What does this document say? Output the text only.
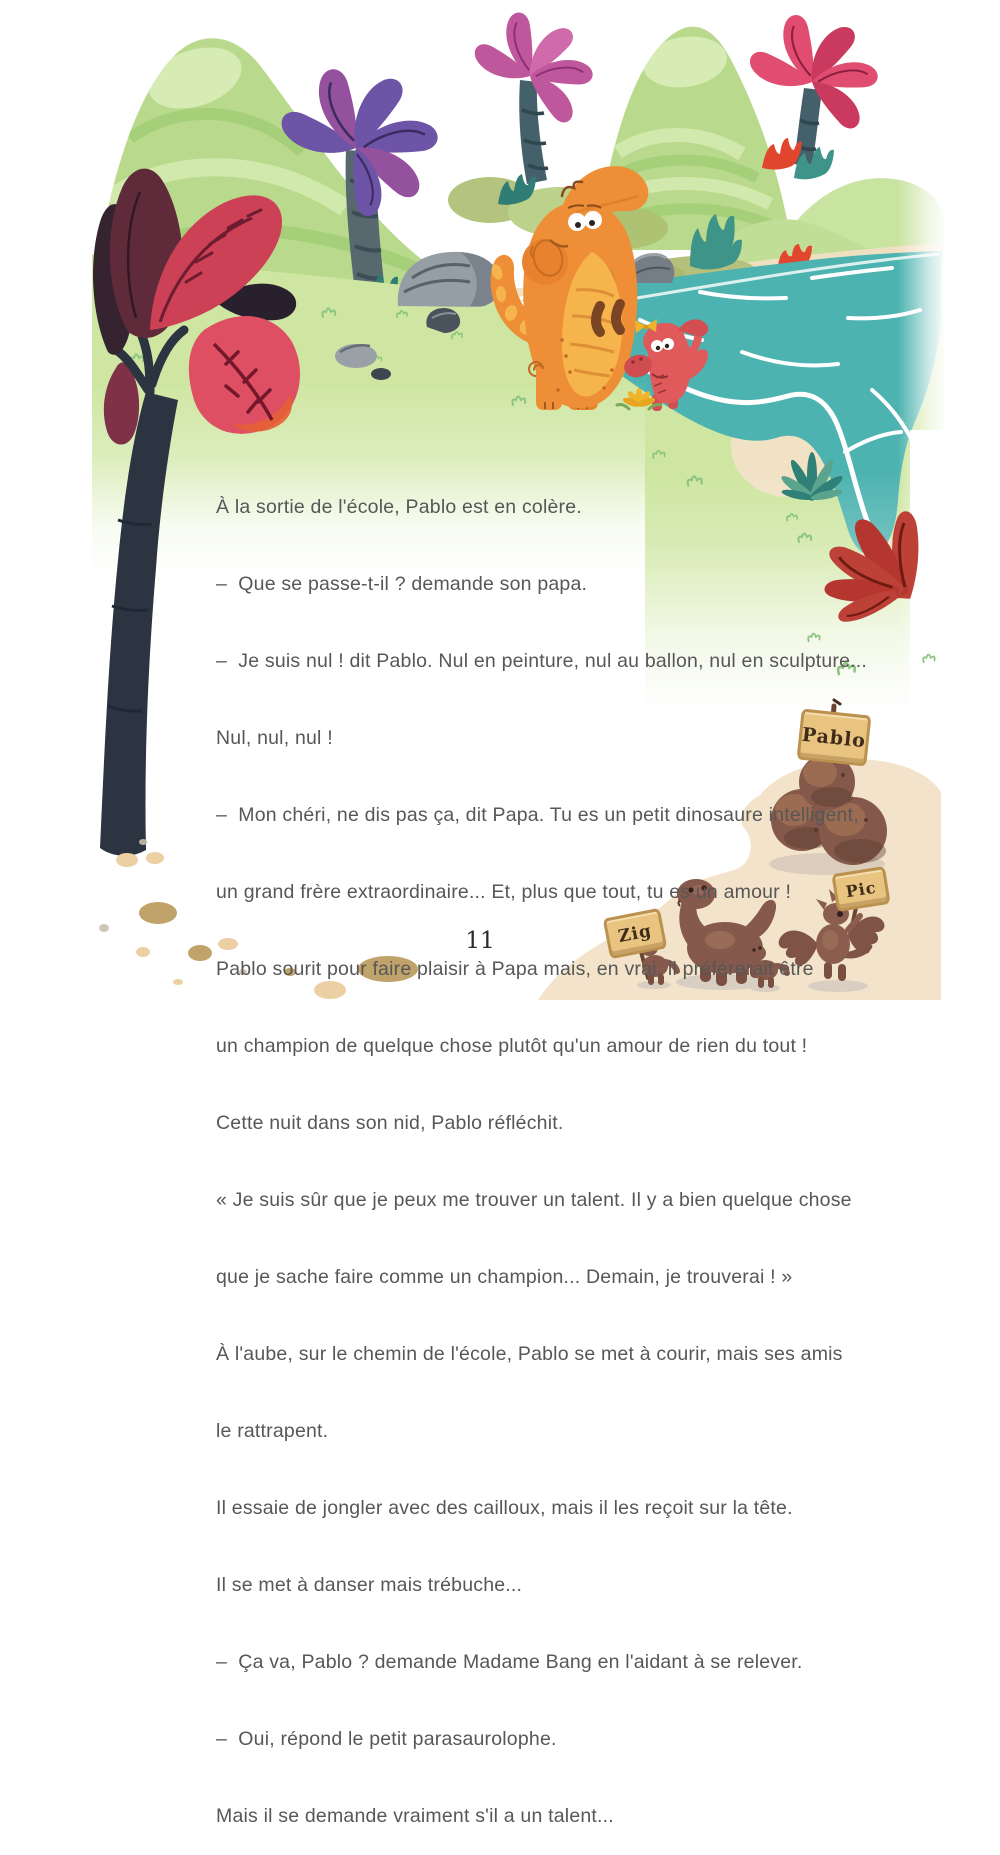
Pablo
Zig
Pic

À la sortie de l'école, Pablo est en colère.

–  Que se passe-t-il ? demande son papa.

–  Je suis nul ! dit Pablo. Nul en peinture, nul au ballon, nul en sculpture...

Nul, nul, nul !

–  Mon chéri, ne dis pas ça, dit Papa. Tu es un petit dinosaure intelligent,

un grand frère extraordinaire... Et, plus que tout, tu es un amour !

Pablo sourit pour faire plaisir à Papa mais, en vrai, il préférerait être

un champion de quelque chose plutôt qu'un amour de rien du tout !

Cette nuit dans son nid, Pablo réfléchit.

« Je suis sûr que je peux me trouver un talent. Il y a bien quelque chose

que je sache faire comme un champion... Demain, je trouverai ! »

À l'aube, sur le chemin de l'école, Pablo se met à courir, mais ses amis

le rattrapent.

Il essaie de jongler avec des cailloux, mais il les reçoit sur la tête.

Il se met à danser mais trébuche...

–  Ça va, Pablo ? demande Madame Bang en l'aidant à se relever.

–  Oui, répond le petit parasaurolophe.

Mais il se demande vraiment s'il a un talent...

11
